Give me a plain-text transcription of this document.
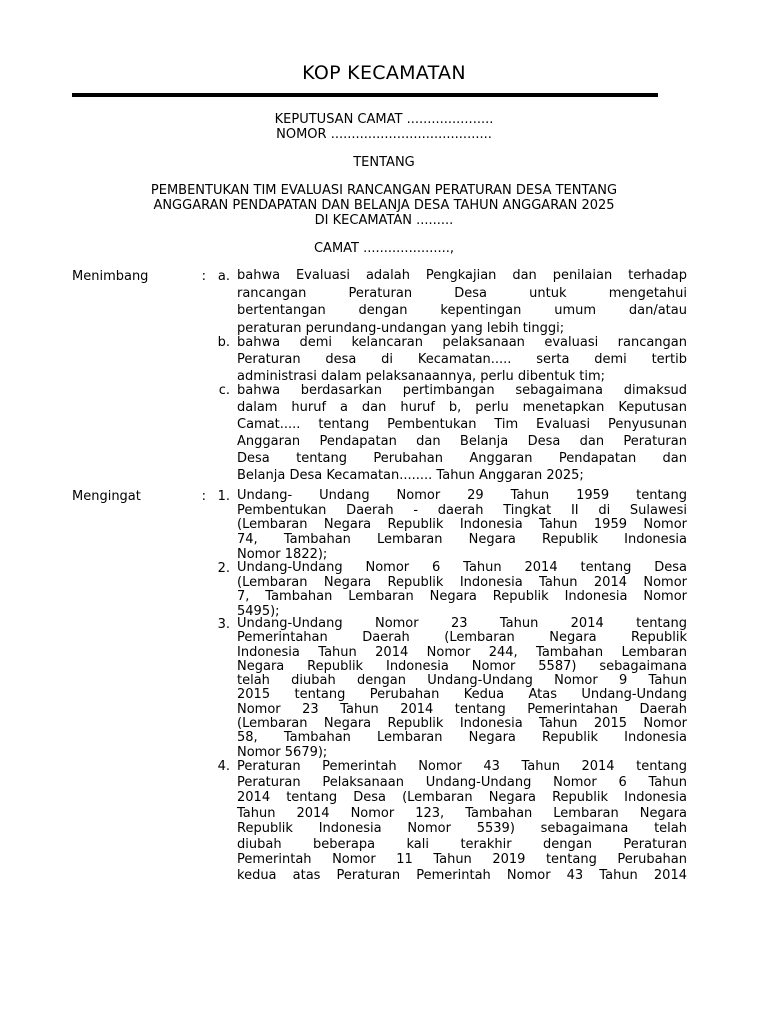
KOP KECAMATAN
KEPUTUSAN CAMAT .....................
NOMOR .......................................
TENTANG
PEMBENTUKAN TIM EVALUASI RANCANGAN PERATURAN DESA TENTANG
ANGGARAN PENDAPATAN DAN BELANJA DESA TAHUN ANGGARAN 2025
DI KECAMATAN .........
CAMAT .....................,
Menimbang	: a. bahwa Evaluasi adalah Pengkajian dan penilaian terhadap
rancangan Peraturan Desa untuk mengetahui
bertentangan dengan kepentingan umum dan/atau
peraturan perundang-undangan yang lebih tinggi;
b. bahwa demi kelancaran pelaksanaan evaluasi rancangan
Peraturan desa di Kecamatan..... serta demi tertib
administrasi dalam pelaksanaannya, perlu dibentuk tim;
c. bahwa berdasarkan pertimbangan sebagaimana dimaksud
dalam huruf a dan huruf b, perlu menetapkan Keputusan
Camat..... tentang Pembentukan Tim Evaluasi Penyusunan
Anggaran Pendapatan dan Belanja Desa dan Peraturan
Desa tentang Perubahan Anggaran Pendapatan dan
Belanja Desa Kecamatan........ Tahun Anggaran 2025;
Mengingat	: 1. Undang- Undang Nomor 29 Tahun 1959 tentang
Pembentukan Daerah - daerah Tingkat II di Sulawesi
(Lembaran Negara Republik Indonesia Tahun 1959 Nomor
74, Tambahan Lembaran Negara Republik Indonesia
Nomor 1822);
2. Undang-Undang Nomor 6 Tahun 2014 tentang Desa
(Lembaran Negara Republik Indonesia Tahun 2014 Nomor
7, Tambahan Lembaran Negara Republik Indonesia Nomor
5495);
3. Undang-Undang Nomor 23 Tahun 2014 tentang
Pemerintahan Daerah (Lembaran Negara Republik
Indonesia Tahun 2014 Nomor 244, Tambahan Lembaran
Negara Republik Indonesia Nomor 5587) sebagaimana
telah diubah dengan Undang-Undang Nomor 9 Tahun
2015 tentang Perubahan Kedua Atas Undang-Undang
Nomor 23 Tahun 2014 tentang Pemerintahan Daerah
(Lembaran Negara Republik Indonesia Tahun 2015 Nomor
58, Tambahan Lembaran Negara Republik Indonesia
Nomor 5679);
4. Peraturan Pemerintah Nomor 43 Tahun 2014 tentang
Peraturan Pelaksanaan Undang-Undang Nomor 6 Tahun
2014 tentang Desa (Lembaran Negara Republik Indonesia
Tahun 2014 Nomor 123, Tambahan Lembaran Negara
Republik Indonesia Nomor 5539) sebagaimana telah
diubah beberapa kali terakhir dengan Peraturan
Pemerintah Nomor 11 Tahun 2019 tentang Perubahan
kedua atas Peraturan Pemerintah Nomor 43 Tahun 2014
